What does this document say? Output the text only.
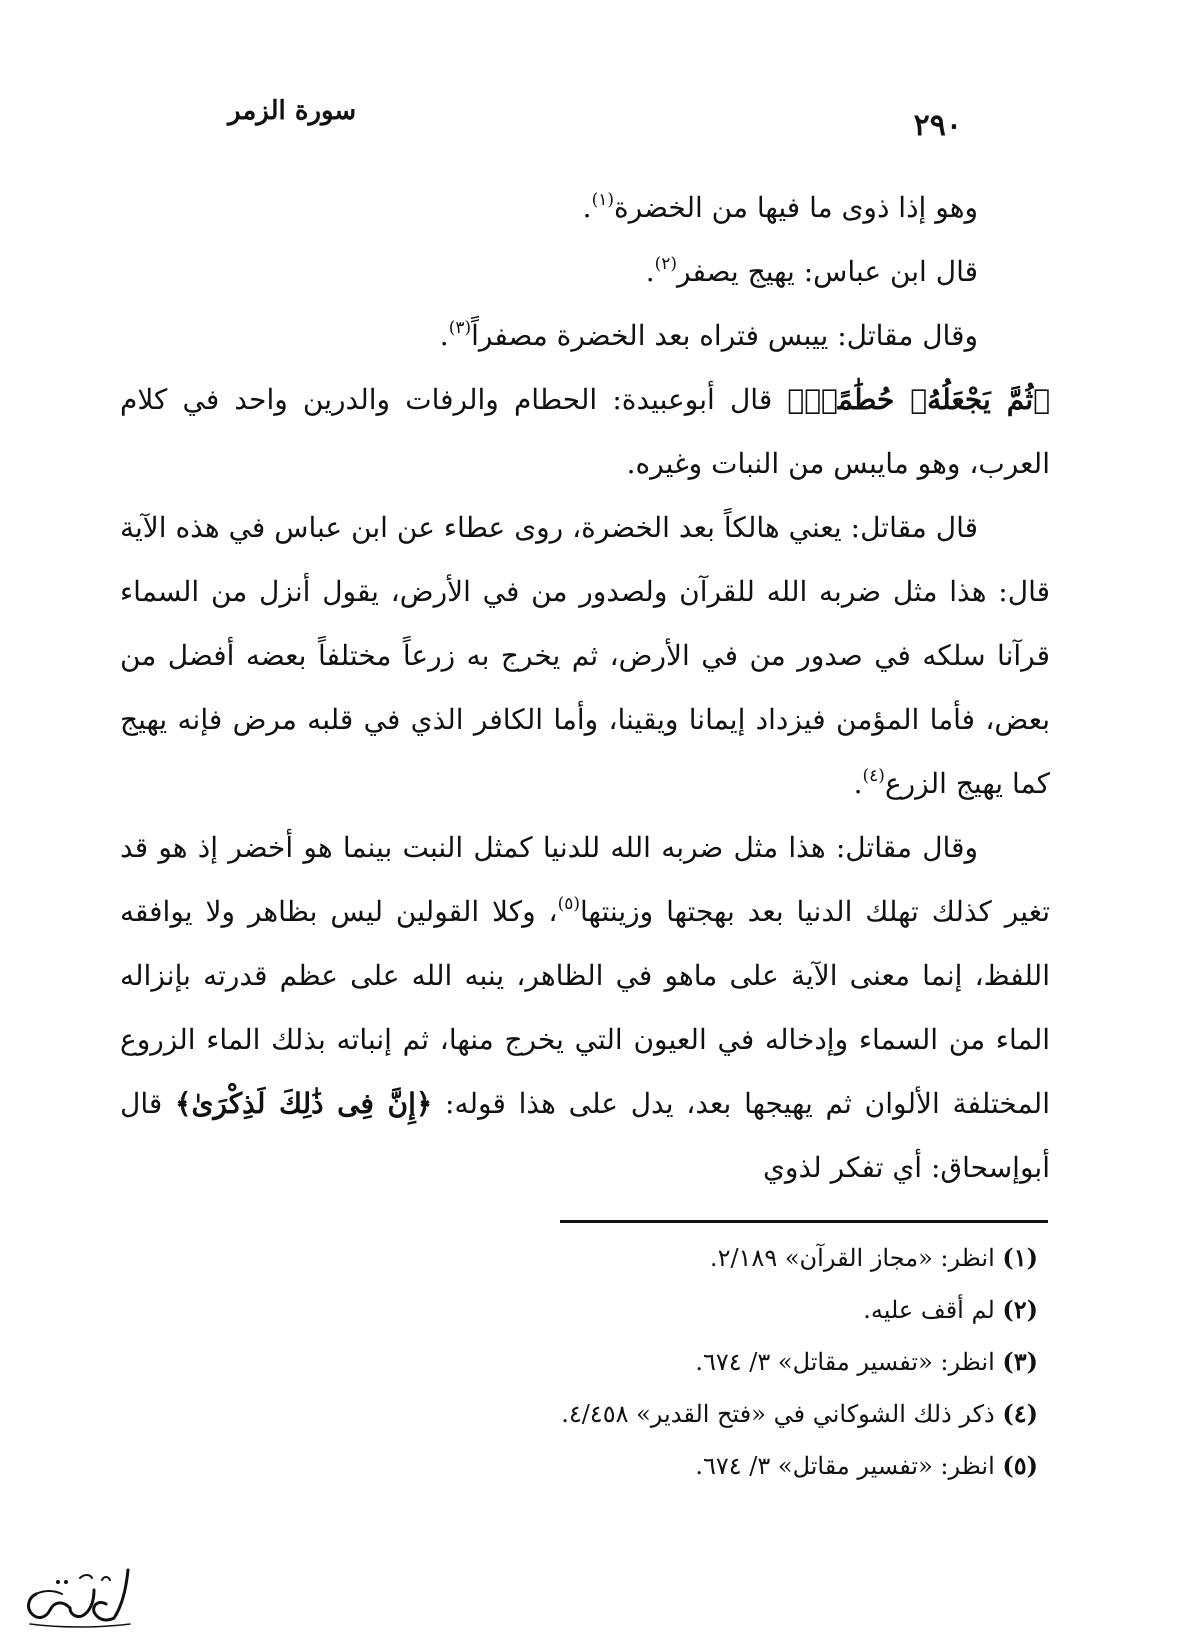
سورة الزمر	٢٩٠

وهو إذا ذوى ما فيها من الخضرة$^{(١)}$.

قال ابن عباس: يهيج يصفر$^{(٢)}$.

وقال مقاتل: ييبس فتراه بعد الخضرة مصفراً$^{(٣)}$.

﴿ثُمَّ يَجْعَلُهُۥ حُطَٰمًاۚ﴾ قال أبوعبيدة: الحطام والرفات والدرين واحد في كلام العرب، وهو مايبس من النبات وغيره.

قال مقاتل: يعني هالكاً بعد الخضرة، روى عطاء عن ابن عباس في هذه الآية قال: هذا مثل ضربه الله للقرآن ولصدور من في الأرض، يقول أنزل من السماء قرآنا سلكه في صدور من في الأرض، ثم يخرج به زرعاً مختلفاً بعضه أفضل من بعض، فأما المؤمن فيزداد إيمانا ويقينا، وأما الكافر الذي في قلبه مرض فإنه يهيج كما يهيج الزرع$^{(٤)}$.

وقال مقاتل: هذا مثل ضربه الله للدنيا كمثل النبت بينما هو أخضر إذ هو قد تغير كذلك تهلك الدنيا بعد بهجتها وزينتها$^{(٥)}$، وكلا القولين ليس بظاهر ولا يوافقه اللفظ، إنما معنى الآية على ماهو في الظاهر، ينبه الله على عظم قدرته بإنزاله الماء من السماء وإدخاله في العيون التي يخرج منها، ثم إنباته بذلك الماء الزروع المختلفة الألوان ثم يهيجها بعد، يدل على هذا قوله: ﴿إِنَّ فِى ذَٰلِكَ لَذِكْرَىٰ﴾ قال أبوإسحاق: أي تفكر لذوي

(١) انظر: «مجاز القرآن» ٢/١٨٩.

(٢) لم أقف عليه.

(٣) انظر: «تفسير مقاتل» ٣/ ٦٧٤.

(٤) ذكر ذلك الشوكاني في «فتح القدير» ٤/٤٥٨.

(٥) انظر: «تفسير مقاتل» ٣/ ٦٧٤.
